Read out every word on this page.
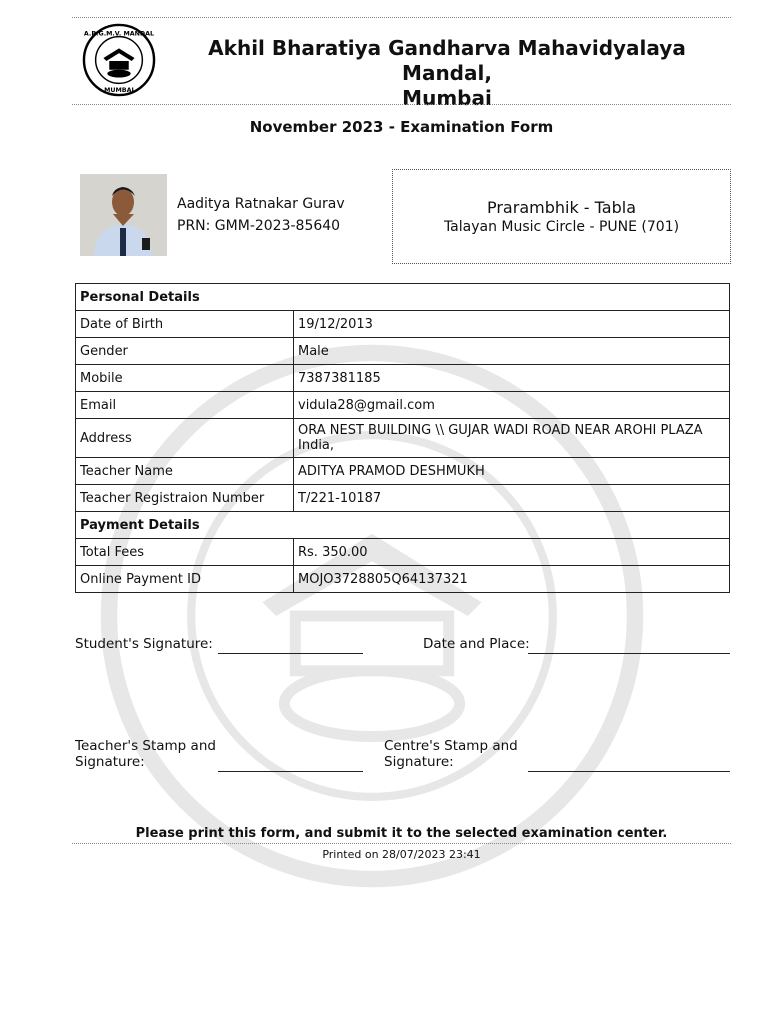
A.B.G.M.V. MANDAL
MUMBAI
Akhil Bharatiya Gandharva Mahavidyalaya Mandal,
Mumbai
November 2023 - Examination Form
Aaditya Ratnakar Gurav
PRN: GMM-2023-85640
Prarambhik - Tabla
Talayan Music Circle - PUNE (701)
Personal Details	
Date of Birth	19/12/2013
Gender	Male
Mobile	7387381185
Email	vidula28@gmail.com
Address	ORA NEST BUILDING \\ GUJAR WADI ROAD NEAR AROHI PLAZA India,
Teacher Name	ADITYA PRAMOD DESHMUKH
Teacher Registraion Number	T/221-10187
Payment Details	
Total Fees	Rs. 350.00
Online Payment ID	MOJO3728805Q64137321
Student's Signature:	Date and Place:
Teacher's Stamp and Signature:
Centre's Stamp and Signature:
Please print this form, and submit it to the selected examination center.
Printed on 28/07/2023 23:41
